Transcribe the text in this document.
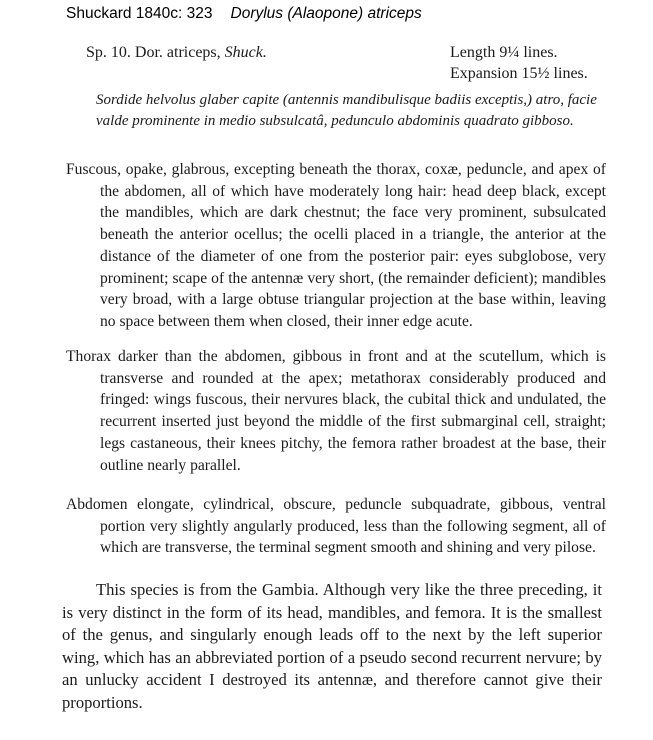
Shuckard 1840c: 323 Dorylus (Alaopone) atriceps
Sp. 10. Dor. atriceps, Shuck.	Length 9¼ lines.
Expansion 15½ lines.
Sordide helvolus glaber capite (antennis mandibulisque badiis exceptis,) atro, facie valde prominente in medio subsulcatâ, pedunculo abdominis quadrato gibboso.

Fuscous, opake, glabrous, excepting beneath the thorax, coxæ, peduncle, and apex of the abdomen, all of which have moderately long hair: head deep black, except the mandibles, which are dark chestnut; the face very prominent, subsulcated beneath the anterior ocellus; the ocelli placed in a triangle, the anterior at the distance of the diameter of one from the posterior pair: eyes subglobose, very prominent; scape of the antennæ very short, (the remainder deficient); mandibles very broad, with a large obtuse triangular projection at the base within, leaving no space between them when closed, their inner edge acute.

Thorax darker than the abdomen, gibbous in front and at the scutellum, which is transverse and rounded at the apex; metathorax considerably produced and fringed: wings fuscous, their nervures black, the cubital thick and undulated, the recurrent inserted just beyond the middle of the first submarginal cell, straight; legs castaneous, their knees pitchy, the femora rather broadest at the base, their outline nearly parallel.

Abdomen elongate, cylindrical, obscure, peduncle subquadrate, gibbous, ventral portion very slightly angularly produced, less than the following segment, all of which are transverse, the terminal segment smooth and shining and very pilose.

This species is from the Gambia. Although very like the three preceding, it is very distinct in the form of its head, mandibles, and femora. It is the smallest of the genus, and singularly enough leads off to the next by the left superior wing, which has an abbreviated portion of a pseudo second recurrent nervure; by an unlucky accident I destroyed its antennæ, and therefore cannot give their proportions.
